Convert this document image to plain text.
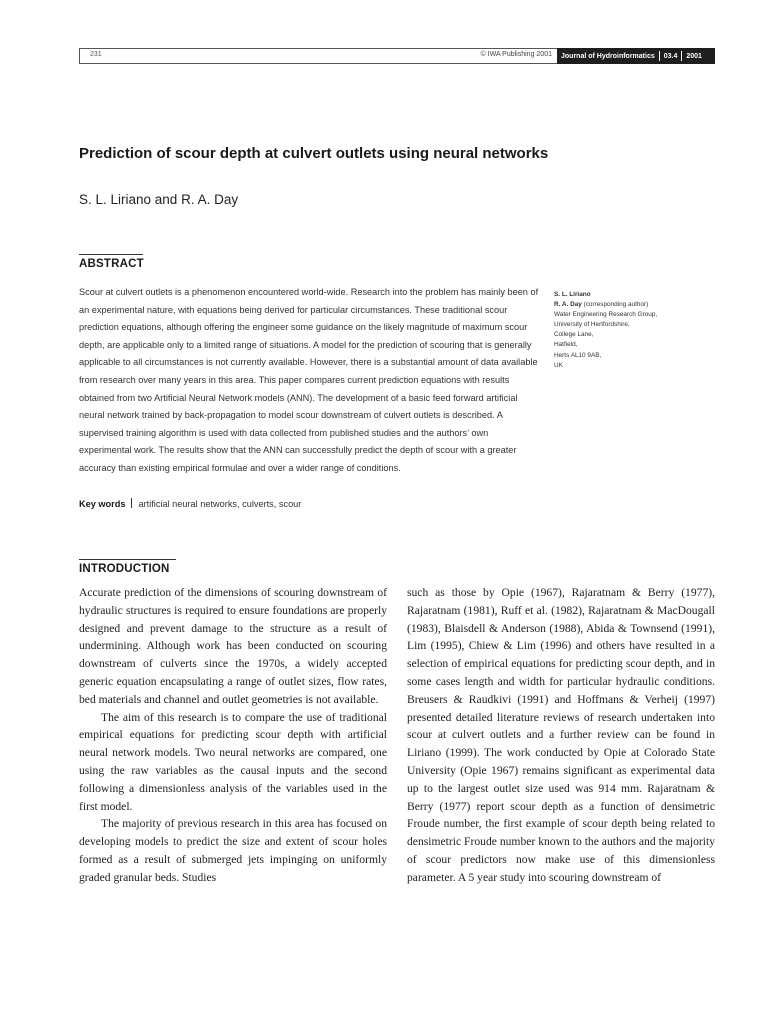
231	© IWA Publishing 2001 Journal of Hydroinformatics 03.4 2001
Prediction of scour depth at culvert outlets using neural networks

S. L. Liriano and R. A. Day

ABSTRACT

Scour at culvert outlets is a phenomenon encountered world-wide. Research into the problem has mainly been of an experimental nature, with equations being derived for particular circumstances. These traditional scour prediction equations, although offering the engineer some guidance on the likely magnitude of maximum scour depth, are applicable only to a limited range of situations. A model for the prediction of scouring that is generally applicable to all circumstances is not currently available. However, there is a substantial amount of data available from research over many years in this area. This paper compares current prediction equations with results obtained from two Artificial Neural Network models (ANN). The development of a basic feed forward artificial neural network trained by back-propagation to model scour downstream of culvert outlets is described. A supervised training algorithm is used with data collected from published studies and the authors’ own experimental work. The results show that the ANN can successfully predict the depth of scour with a greater accuracy than existing empirical formulae and over a wider range of conditions.

Key words artificial neural networks, culverts, scour

S. L. Liriano
R. A. Day (corresponding author)
Water Engineering Research Group,
University of Hertfordshire,
College Lane,
Hatfield,
Herts AL10 9AB,
UK
INTRODUCTION

Accurate prediction of the dimensions of scouring downstream of hydraulic structures is required to ensure foundations are properly designed and prevent damage to the structure as a result of undermining. Although work has been conducted on scouring downstream of culverts since the 1970s, a widely accepted generic equation encapsulating a range of outlet sizes, flow rates, bed materials and channel and outlet geometries is not available.

The aim of this research is to compare the use of traditional empirical equations for predicting scour depth with artificial neural network models. Two neural networks are compared, one using the raw variables as the causal inputs and the second following a dimensionless analysis of the variables used in the first model.

The majority of previous research in this area has focused on developing models to predict the size and extent of scour holes formed as a result of submerged jets impinging on uniformly graded granular beds. Studies

such as those by Opie (1967), Rajaratnam & Berry (1977), Rajaratnam (1981), Ruff et al. (1982), Rajaratnam & MacDougall (1983), Blaisdell & Anderson (1988), Abida & Townsend (1991), Lim (1995), Chiew & Lim (1996) and others have resulted in a selection of empirical equations for predicting scour depth, and in some cases length and width for particular hydraulic conditions. Breusers & Raudkivi (1991) and Hoffmans & Verheij (1997) presented detailed literature reviews of research undertaken into scour at culvert outlets and a further review can be found in Liriano (1999). The work conducted by Opie at Colorado State University (Opie 1967) remains significant as experimental data up to the largest outlet size used was 914 mm. Rajaratnam & Berry (1977) report scour depth as a function of densimetric Froude number, the first example of scour depth being related to densimetric Froude number known to the authors and the majority of scour predictors now make use of this dimensionless parameter. A 5 year study into scouring downstream of
